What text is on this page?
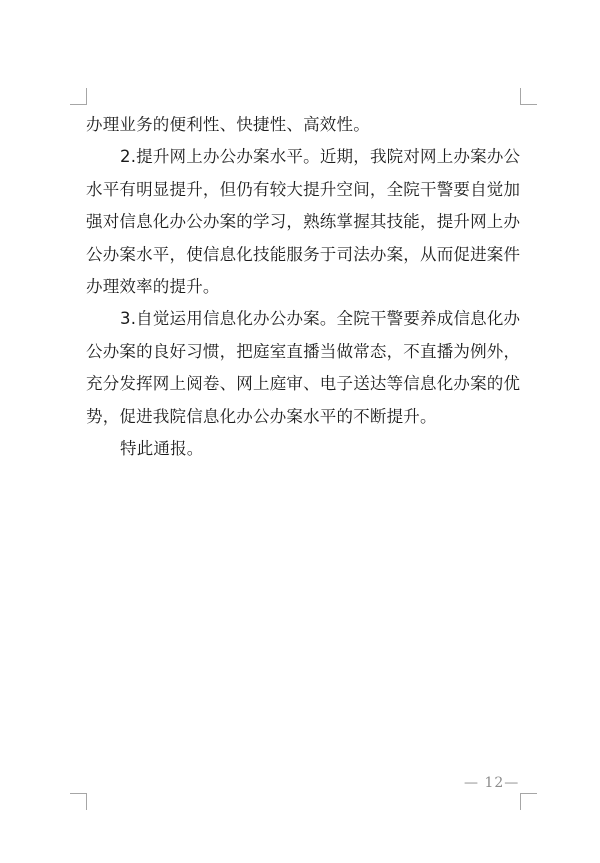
办理业务的便利性、快捷性、高效性。
2.提升网上办公办案水平。近期，我院对网上办案办公
水平有明显提升，但仍有较大提升空间，全院干警要自觉加
强对信息化办公办案的学习，熟练掌握其技能，提升网上办
公办案水平，使信息化技能服务于司法办案，从而促进案件
办理效率的提升。
3.自觉运用信息化办公办案。全院干警要养成信息化办
公办案的良好习惯，把庭室直播当做常态，不直播为例外，
充分发挥网上阅卷、网上庭审、电子送达等信息化办案的优
势，促进我院信息化办公办案水平的不断提升。
特此通报。
— 12—
